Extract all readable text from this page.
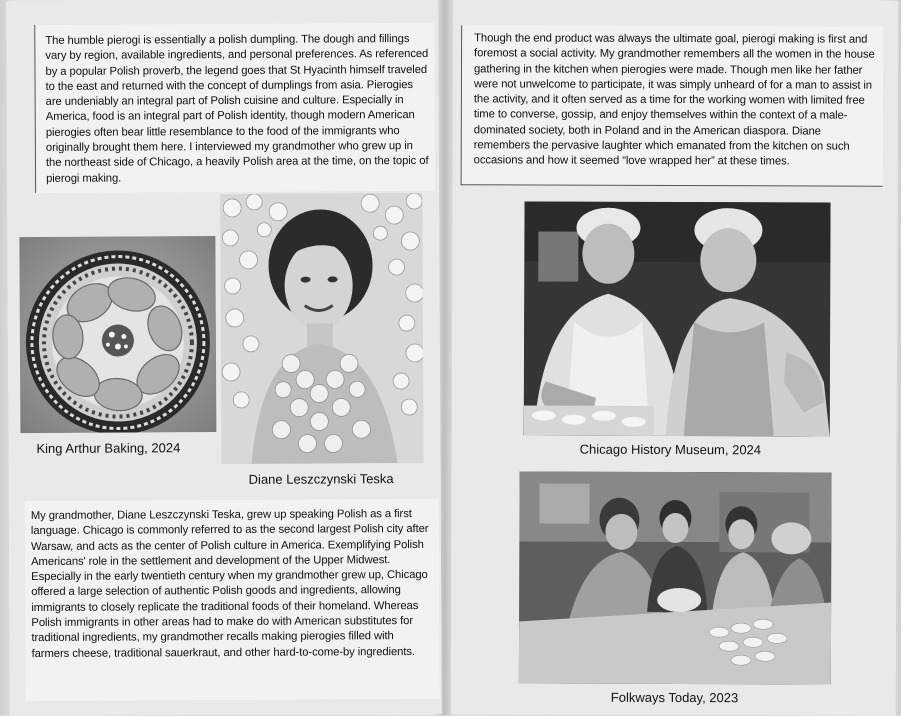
The humble pierogi is essentially a polish dumpling. The dough and fillings vary by region, available ingredients, and personal preferences. As referenced by a popular Polish proverb, the legend goes that St Hyacinth himself traveled to the east and returned with the concept of dumplings from asia. Pierogies are undeniably an integral part of Polish cuisine and culture. Especially in America, food is an integral part of Polish identity, though modern American pierogies often bear little resemblance to the food of the immigrants who originally brought them here. I interviewed my grandmother who grew up in the northeast side of Chicago, a heavily Polish area at the time, on the topic of pierogi making.

King Arthur Baking, 2024
Diane Leszczynski Teska

My grandmother, Diane Leszczynski Teska, grew up speaking Polish as a first language. Chicago is commonly referred to as the second largest Polish city after Warsaw, and acts as the center of Polish culture in America. Exemplifying Polish Americans' role in the settlement and development of the Upper Midwest. Especially in the early twentieth century when my grandmother grew up, Chicago offered a large selection of authentic Polish goods and ingredients, allowing immigrants to closely replicate the traditional foods of their homeland. Whereas Polish immigrants in other areas had to make do with American substitutes for traditional ingredients, my grandmother recalls making pierogies filled with farmers cheese, traditional sauerkraut, and other hard-to-come-by ingredients.

Though the end product was always the ultimate goal, pierogi making is first and foremost a social activity. My grandmother remembers all the women in the house gathering in the kitchen when pierogies were made. Though men like her father were not unwelcome to participate, it was simply unheard of for a man to assist in the activity, and it often served as a time for the working women with limited free time to converse, gossip, and enjoy themselves within the context of a male-dominated society, both in Poland and in the American diaspora. Diane remembers the pervasive laughter which emanated from the kitchen on such occasions and how it seemed “love wrapped her” at these times.

Chicago History Museum, 2024
Folkways Today, 2023
